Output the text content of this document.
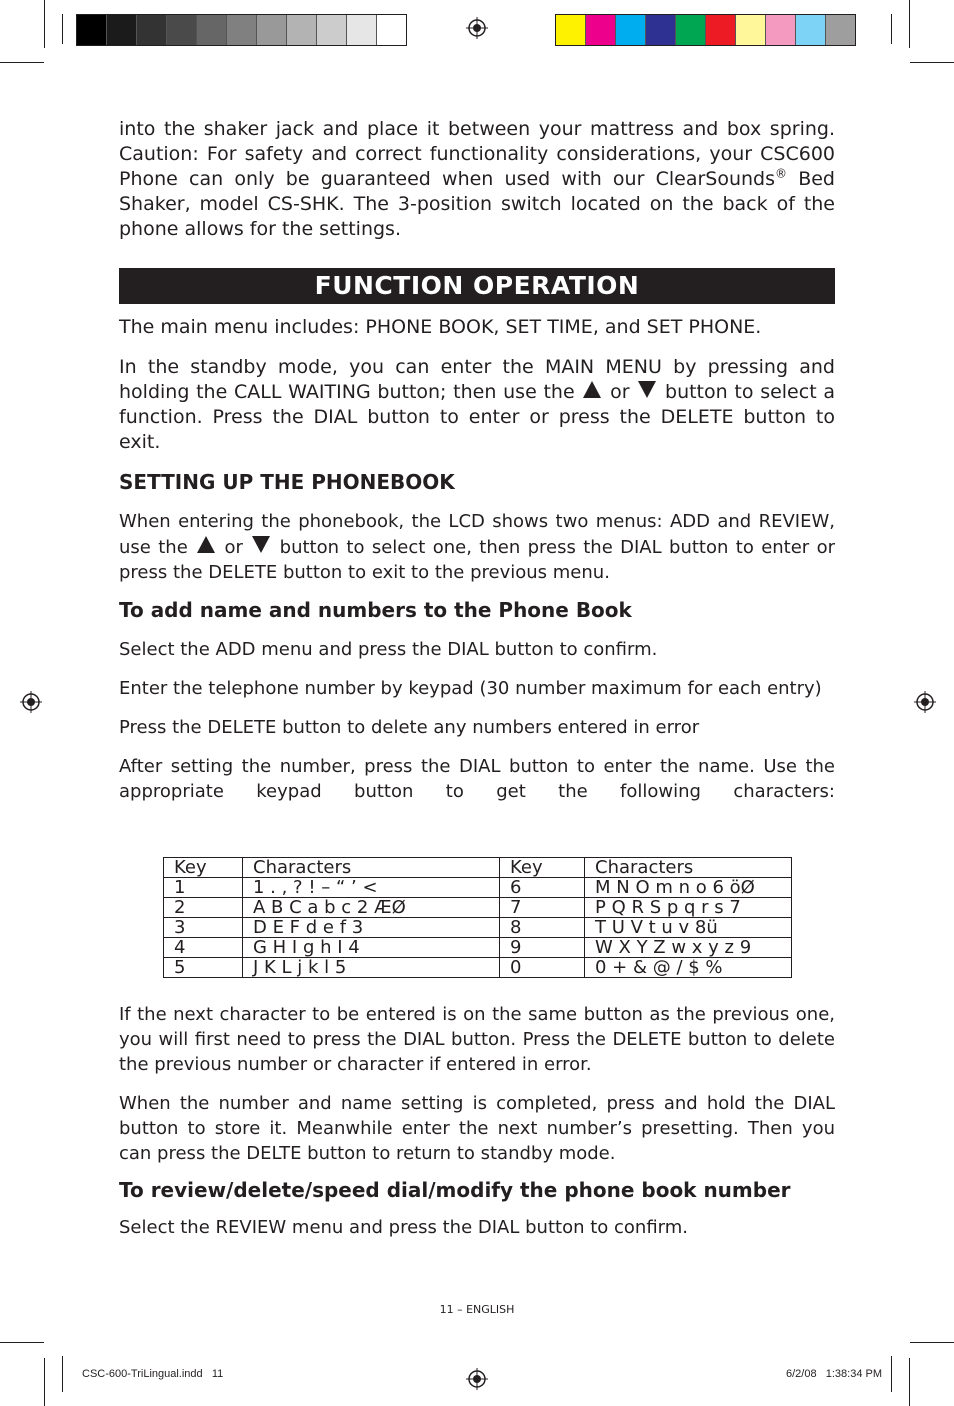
into the shaker jack and place it between your mattress and box spring. Caution: For safety and correct functionality considerations, your CSC600 Phone can only be guaranteed when used with our ClearSounds® Bed Shaker, model CS-SHK. The 3-position switch located on the back of the phone allows for the settings.

FUNCTION OPERATION

The main menu includes: PHONE BOOK, SET TIME, and SET PHONE.

In the standby mode, you can enter the MAIN MENU by pressing and holding the CALL WAITING button; then use the  or  button to select a function. Press the DIAL button to enter or press the DELETE button to exit.

SETTING UP THE PHONEBOOK

When entering the phonebook, the LCD shows two menus: ADD and REVIEW, use the  or  button to select one, then press the DIAL button to enter or press the DELETE button to exit to the previous menu.

To add name and numbers to the Phone Book

Select the ADD menu and press the DIAL button to confirm.

Enter the telephone number by keypad (30 number maximum for each entry)

Press the DELETE button to delete any numbers entered in error

After setting the number, press the DIAL button to enter the name. Use the appropriate keypad button to get the following characters:

Key	Characters	Key	Characters
1	1 . , ? ! – “ ’ <	6	M N O m n o 6 öØ
2	A B C a b c 2 ÆØ	7	P Q R S p q r s 7
3	D E F d e f 3	8	T U V t u v 8ü
4	G H I g h I 4	9	W X Y Z w x y z 9
5	J K L j k l 5	0	0 + & @ / $ %

If the next character to be entered is on the same button as the previous one, you will first need to press the DIAL button. Press the DELETE button to delete the previous number or character if entered in error.

When the number and name setting is completed, press and hold the DIAL button to store it. Meanwhile enter the next number’s presetting. Then you can press the DELTE button to return to standby mode.

To review/delete/speed dial/modify the phone book number

Select the REVIEW menu and press the DIAL button to confirm.

11 – ENGLISH
CSC-600-TriLingual.indd   11	6/2/08   1:38:34 PM
